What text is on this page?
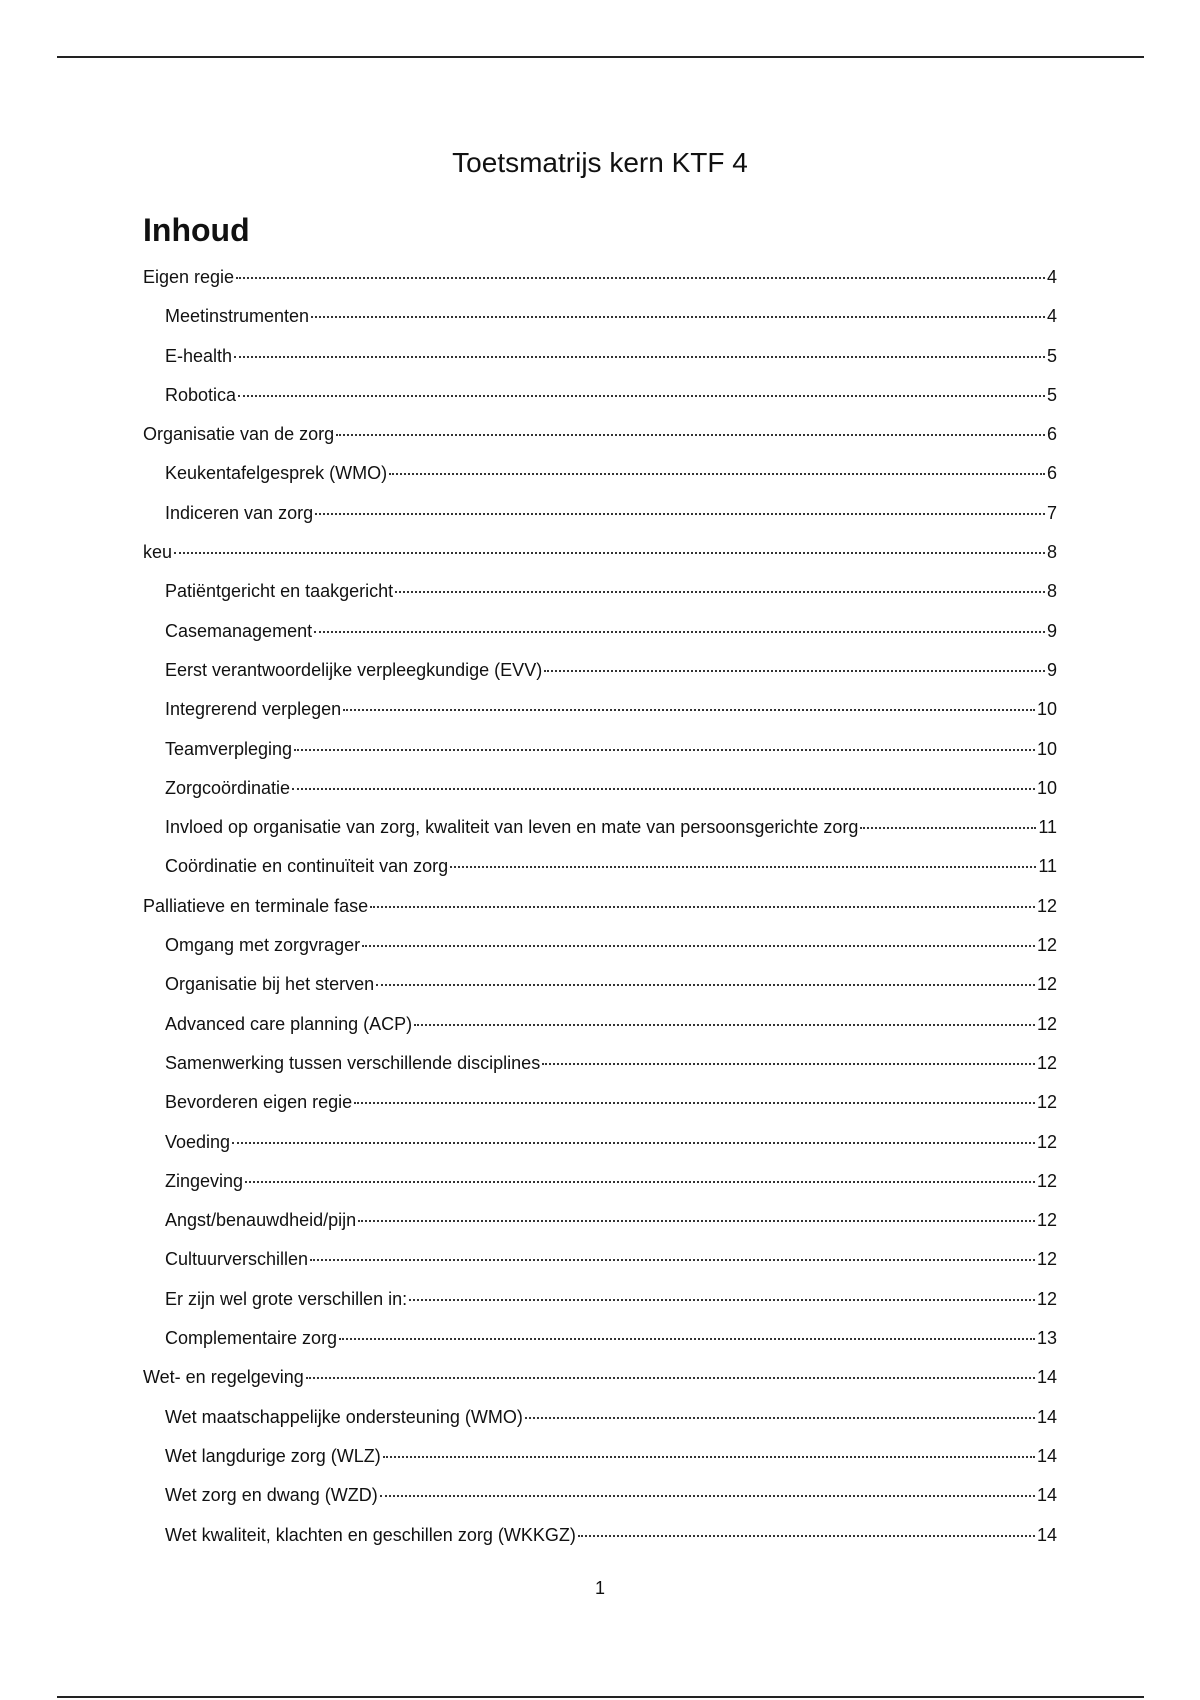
Toetsmatrijs kern KTF 4
Inhoud
Eigen regie	4
Meetinstrumenten	4
E-health	5
Robotica	5
Organisatie van de zorg	6
Keukentafelgesprek (WMO)	6
Indiceren van zorg	7
keu	8
Patiëntgericht en taakgericht	8
Casemanagement	9
Eerst verantwoordelijke verpleegkundige (EVV)	9
Integrerend verplegen	10
Teamverpleging	10
Zorgcoördinatie	10
Invloed op organisatie van zorg, kwaliteit van leven en mate van persoonsgerichte zorg	11
Coördinatie en continuïteit van zorg	11
Palliatieve en terminale fase	12
Omgang met zorgvrager	12
Organisatie bij het sterven	12
Advanced care planning (ACP)	12
Samenwerking tussen verschillende disciplines	12
Bevorderen eigen regie	12
Voeding	12
Zingeving	12
Angst/benauwdheid/pijn	12
Cultuurverschillen	12
Er zijn wel grote verschillen in:	12
Complementaire zorg	13
Wet- en regelgeving	14
Wet maatschappelijke ondersteuning (WMO)	14
Wet langdurige zorg (WLZ)	14
Wet zorg en dwang (WZD)	14
Wet kwaliteit, klachten en geschillen zorg (WKKGZ)	14
1
